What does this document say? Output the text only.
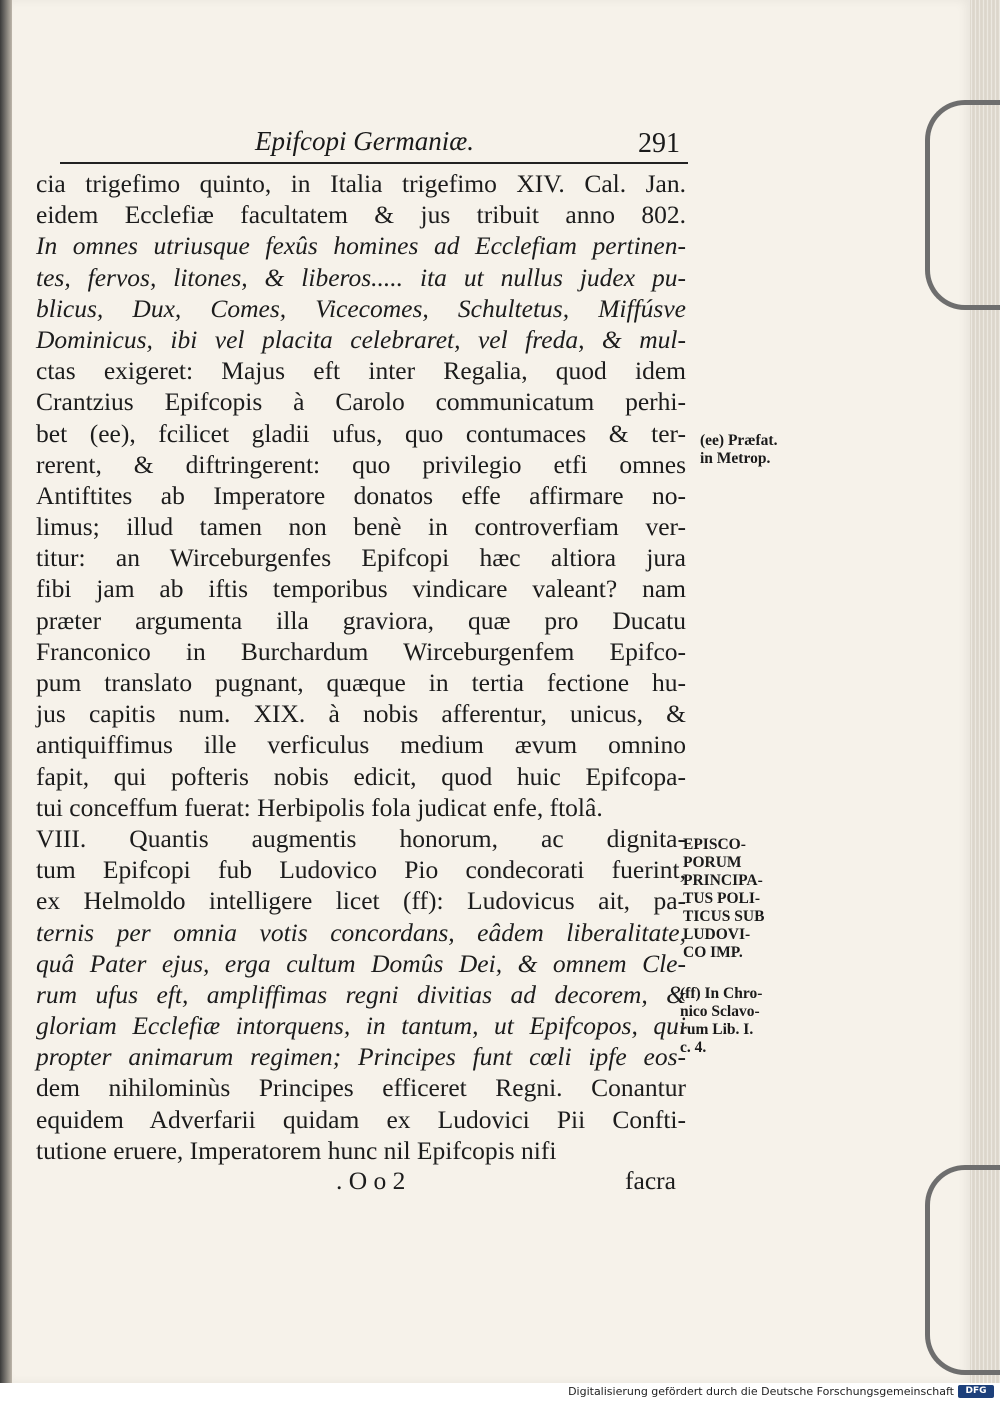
Epifcopi Germaniæ.	291
cia trigefimo quinto, in Italia trigefimo XIV. Cal. Jan.
eidem Ecclefiæ facultatem & jus tribuit anno 802.
In omnes utriusque fexûs homines ad Ecclefiam pertinen-
tes, fervos, litones, & liberos..... ita ut nullus judex pu-
blicus, Dux, Comes, Vicecomes, Schultetus, Miffúsve
Dominicus, ibi vel placita celebraret, vel freda, & mul-
ctas exigeret: Majus eft inter Regalia, quod idem
Crantzius Epifcopis à Carolo communicatum perhi-
bet (ee), fcilicet gladii ufus, quo contumaces & ter-
rerent, & diftringerent: quo privilegio etfi omnes
Antiftites ab Imperatore donatos effe affirmare no-
limus; illud tamen non benè in controverfiam ver-
titur: an Wirceburgenfes Epifcopi hæc altiora jura
fibi jam ab iftis temporibus vindicare valeant? nam
præter argumenta illa graviora, quæ pro Ducatu
Franconico in Burchardum Wirceburgenfem Epifco-
pum translato pugnant, quæque in tertia fectione hu-
jus capitis num. XIX. à nobis afferentur, unicus, &
antiquiffimus ille verficulus medium ævum omnino
fapit, qui pofteris nobis edicit, quod huic Epifcopa-
tui conceffum fuerat: Herbipolis fola judicat enfe, ftolâ.
VIII. Quantis augmentis honorum, ac dignita-
tum Epifcopi fub Ludovico Pio condecorati fuerint,
ex Helmoldo intelligere licet (ff): Ludovicus ait, pa-
ternis per omnia votis concordans, eâdem liberalitate,
quâ Pater ejus, erga cultum Domûs Dei, & omnem Cle-
rum ufus eft, ampliffimas regni divitias ad decorem, &
gloriam Ecclefiæ intorquens, in tantum, ut Epifcopos, qui
propter animarum regimen; Principes funt cœli ipfe eos-
dem nihilominùs Principes efficeret Regni. Conantur
equidem Adverfarii quidam ex Ludovici Pii Confti-
tutione eruere, Imperatorem hunc nil Epifcopis nifi
. O o 2	facra
(ee) Præfat.
in Metrop.
EPISCO-
PORUM
PRINCIPA-
TUS POLI-
TICUS SUB
LUDOVI-
CO IMP.
(ff) In Chro-
nico Sclavo-
rum Lib. I.
c. 4.
Digitalisierung gefördert durch die Deutsche Forschungsgemeinschaft	DFG
